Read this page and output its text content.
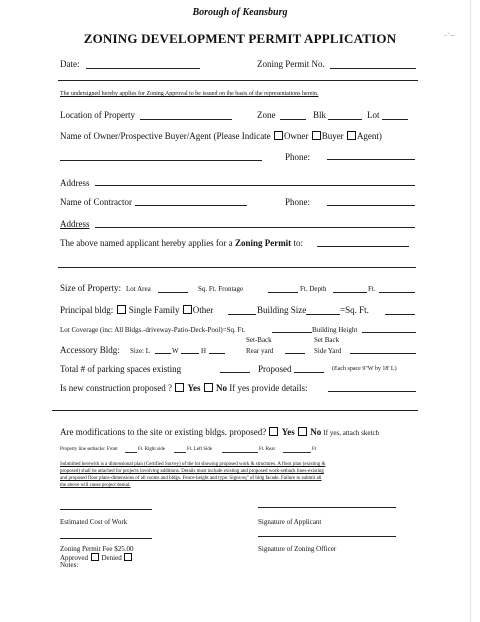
Borough of Keansburg
ZONING DEVELOPMENT PERMIT APPLICATION	~ ˜–~
Date:	Zoning Permit No.
The undersigned hereby applies for Zoning Approval to be issued on the basis of the representations herein.
Location of Property	Zone	Blk	Lot
Name of Owner/Prospective Buyer/Agent (Please Indicate Owner Buyer Agent)
Phone:
Address
Name of Contractor	Phone:
Address
The above named applicant hereby applies for a Zoning Permit to:
Size of Property: Lot Area	Sq. Ft. Frontage	Ft. Depth	Ft.
Principal bldg: Single Family Other	Building Size	=Sq. Ft.
Lot Coverage (inc: All Bldgs.-driveway-Patio-Deck-Pool)=Sq. Ft.	Building Height
Set-Back	Set Back
Accessory Bldg: Size: L	W	H	Rear yard	Side Yard
Total # of parking spaces existing	Proposed	(Each space 9"W by 18' L)
Is new construction proposed ? Yes No If yes provide details:
Are modifications to the site or existing bldgs. proposed? Yes No If yes, attach sketch
Property line setbacks: Front	Ft. Right side	Ft. Left Side	Ft. Rear	Ft
Submitted herewith is a dimensional plan (Certified Survey) of the lot showing proposed work & structures. A floor plan (existing &
proposed) shall be attached for projects involving additions. Details must include existing and proposed work-setback lines-existing
and proposed floor plans-dimensions of all rooms and bldgs. Fence-height and type. Signs-sq" of bldg facade. Failure to submit all
the above will cause project denial.
Estimated Cost of Work	Signature of Applicant
Zoning Permit Fee $25.00	Signature of Zoning Officer
Approved Denied
Notes:
